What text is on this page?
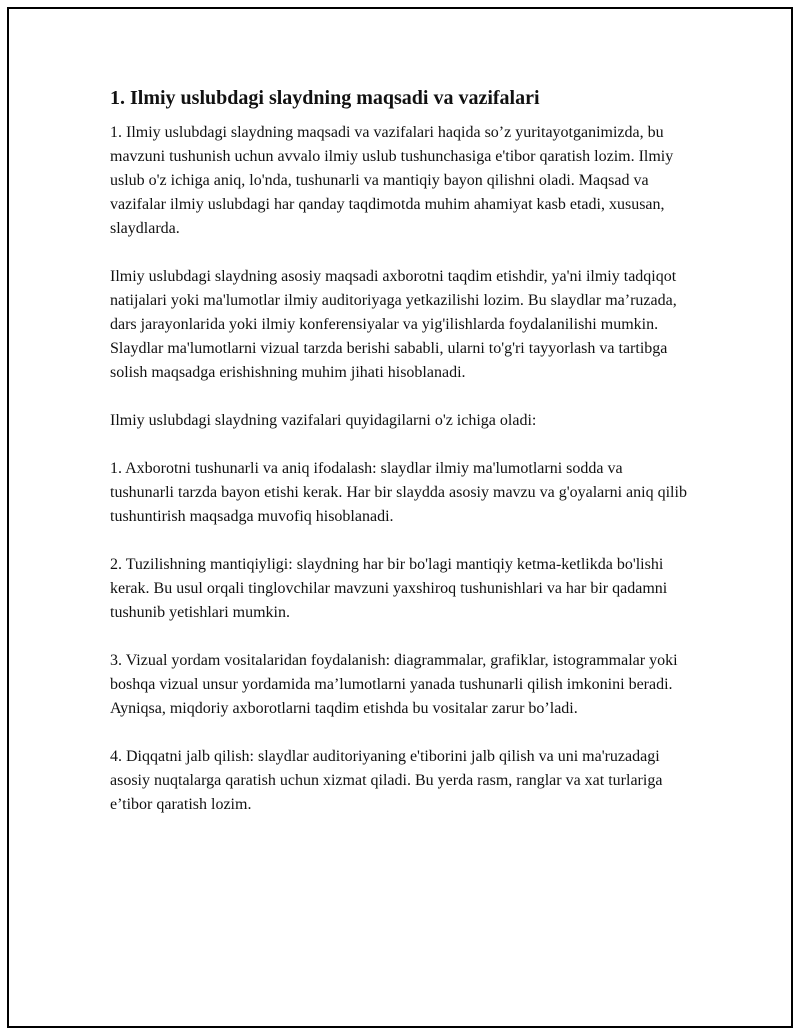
1. Ilmiy uslubdagi slaydning maqsadi va vazifalari

1. Ilmiy uslubdagi slaydning maqsadi va vazifalari haqida so’z yuritayotganimizda, bu mavzuni tushunish uchun avvalo ilmiy uslub tushunchasiga e'tibor qaratish lozim. Ilmiy uslub o'z ichiga aniq, lo'nda, tushunarli va mantiqiy bayon qilishni oladi. Maqsad va vazifalar ilmiy uslubdagi har qanday taqdimotda muhim ahamiyat kasb etadi, xususan, slaydlarda.

Ilmiy uslubdagi slaydning asosiy maqsadi axborotni taqdim etishdir, ya'ni ilmiy tadqiqot natijalari yoki ma'lumotlar ilmiy auditoriyaga yetkazilishi lozim. Bu slaydlar ma’ruzada, dars jarayonlarida yoki ilmiy konferensiyalar va yig'ilishlarda foydalanilishi mumkin. Slaydlar ma'lumotlarni vizual tarzda berishi sababli, ularni to'g'ri tayyorlash va tartibga solish maqsadga erishishning muhim jihati hisoblanadi.

Ilmiy uslubdagi slaydning vazifalari quyidagilarni o'z ichiga oladi:

1. Axborotni tushunarli va aniq ifodalash: slaydlar ilmiy ma'lumotlarni sodda va tushunarli tarzda bayon etishi kerak. Har bir slaydda asosiy mavzu va g'oyalarni aniq qilib tushuntirish maqsadga muvofiq hisoblanadi.

2. Tuzilishning mantiqiyligi: slaydning har bir bo'lagi mantiqiy ketma-ketlikda bo'lishi kerak. Bu usul orqali tinglovchilar mavzuni yaxshiroq tushunishlari va har bir qadamni tushunib yetishlari mumkin.

3. Vizual yordam vositalaridan foydalanish: diagrammalar, grafiklar, istogrammalar yoki boshqa vizual unsur yordamida ma’lumotlarni yanada tushunarli qilish imkonini beradi. Ayniqsa, miqdoriy axborotlarni taqdim etishda bu vositalar zarur bo’ladi.

4. Diqqatni jalb qilish: slaydlar auditoriyaning e'tiborini jalb qilish va uni ma'ruzadagi asosiy nuqtalarga qaratish uchun xizmat qiladi. Bu yerda rasm, ranglar va xat turlariga e’tibor qaratish lozim.
